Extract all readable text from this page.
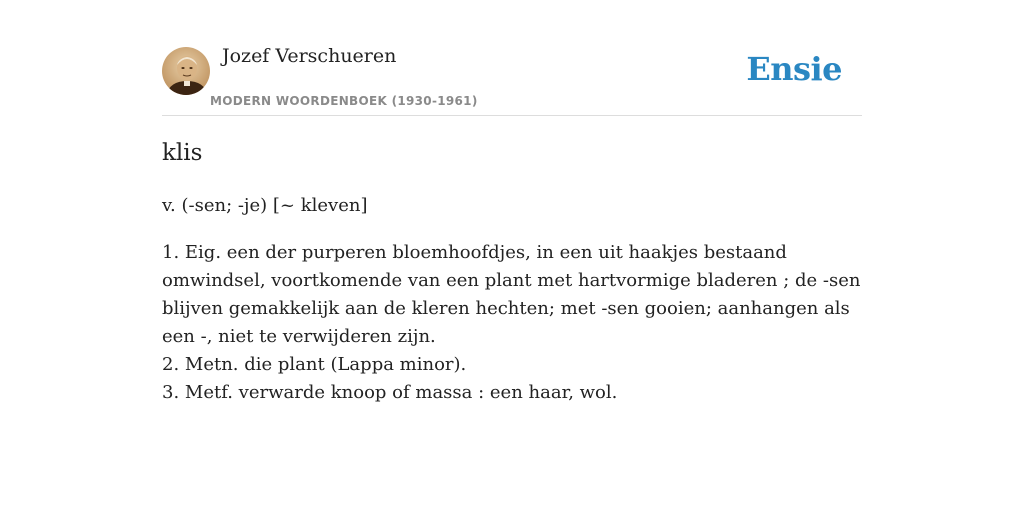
Jozef Verschueren
MODERN WOORDENBOEK (1930-1961)
Ensie
klis
v. (-sen; -je) [~ kleven]
1. Eig. een der purperen bloemhoofdjes, in een uit haakjes bestaand omwindsel, voortkomende van een plant met hartvormige bladeren ; de -sen blijven gemakkelijk aan de kleren hechten; met -sen gooien; aanhangen als een -, niet te verwijderen zijn.
2. Metn. die plant (Lappa minor).
3. Metf. verwarde knoop of massa : een haar, wol.
